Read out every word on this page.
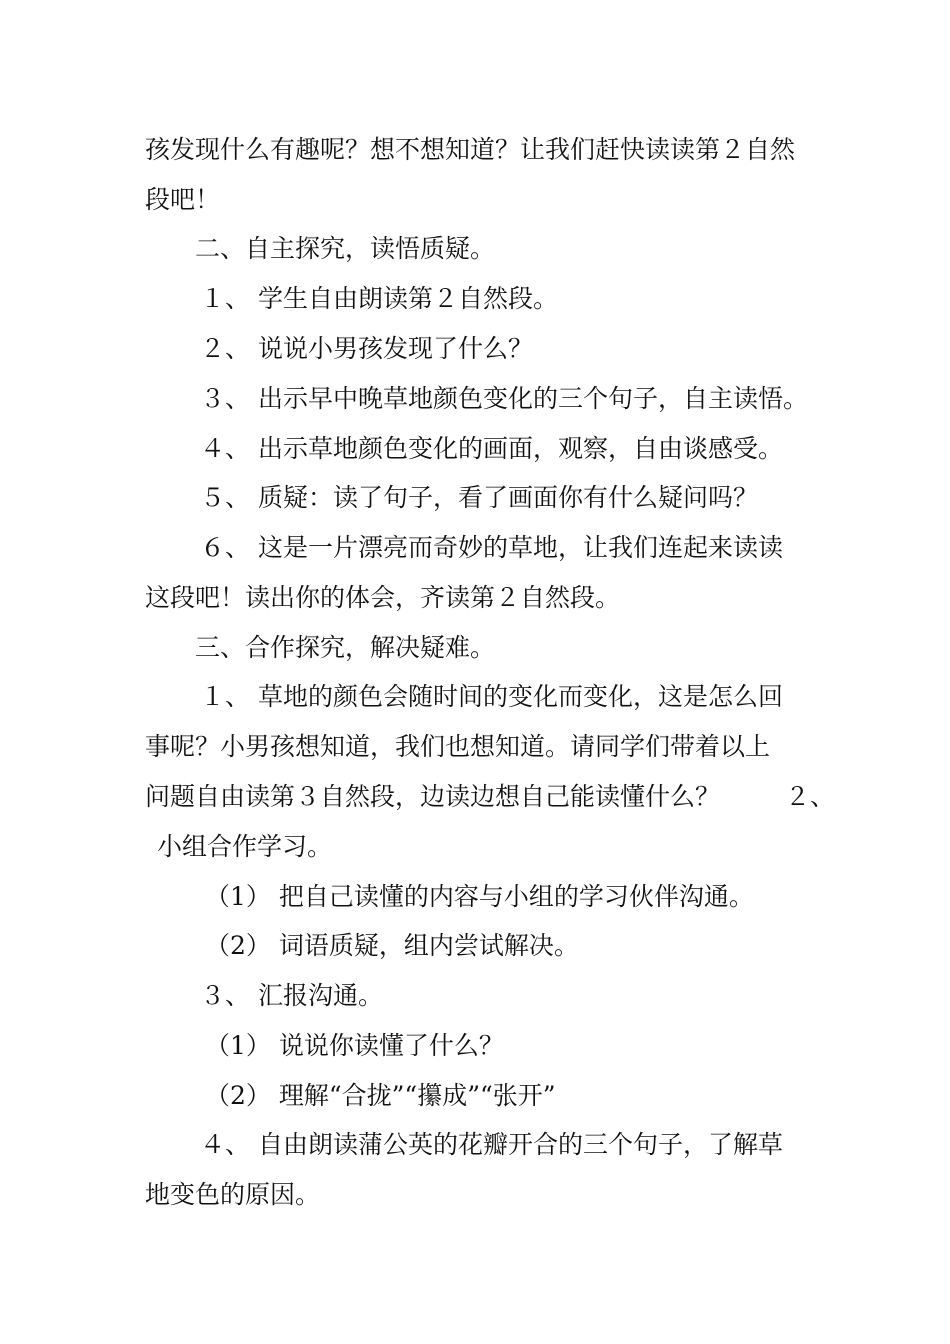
孩发现什么有趣呢？想不想知道？让我们赶快读读第２自然
段吧！
二、自主探究，读悟质疑。
１、 学生自由朗读第２自然段。
２、 说说小男孩发现了什么？
３、 出示早中晚草地颜色变化的三个句子，自主读悟。
４、 出示草地颜色变化的画面，观察，自由谈感受。
５、 质疑：读了句子，看了画面你有什么疑问吗？
６、 这是一片漂亮而奇妙的草地，让我们连起来读读
这段吧！读出你的体会，齐读第２自然段。
三、合作探究，解决疑难。
１、 草地的颜色会随时间的变化而变化，这是怎么回
事呢？小男孩想知道，我们也想知道。请同学们带着以上
问题自由读第３自然段，边读边想自己能读懂什么？	２、
小组合作学习。
（1） 把自己读懂的内容与小组的学习伙伴沟通。
（2） 词语质疑，组内尝试解决。
３、 汇报沟通。
（1） 说说你读懂了什么？
（2） 理解“合拢”“攥成”“张开”
４、 自由朗读蒲公英的花瓣开合的三个句子，了解草
地变色的原因。
